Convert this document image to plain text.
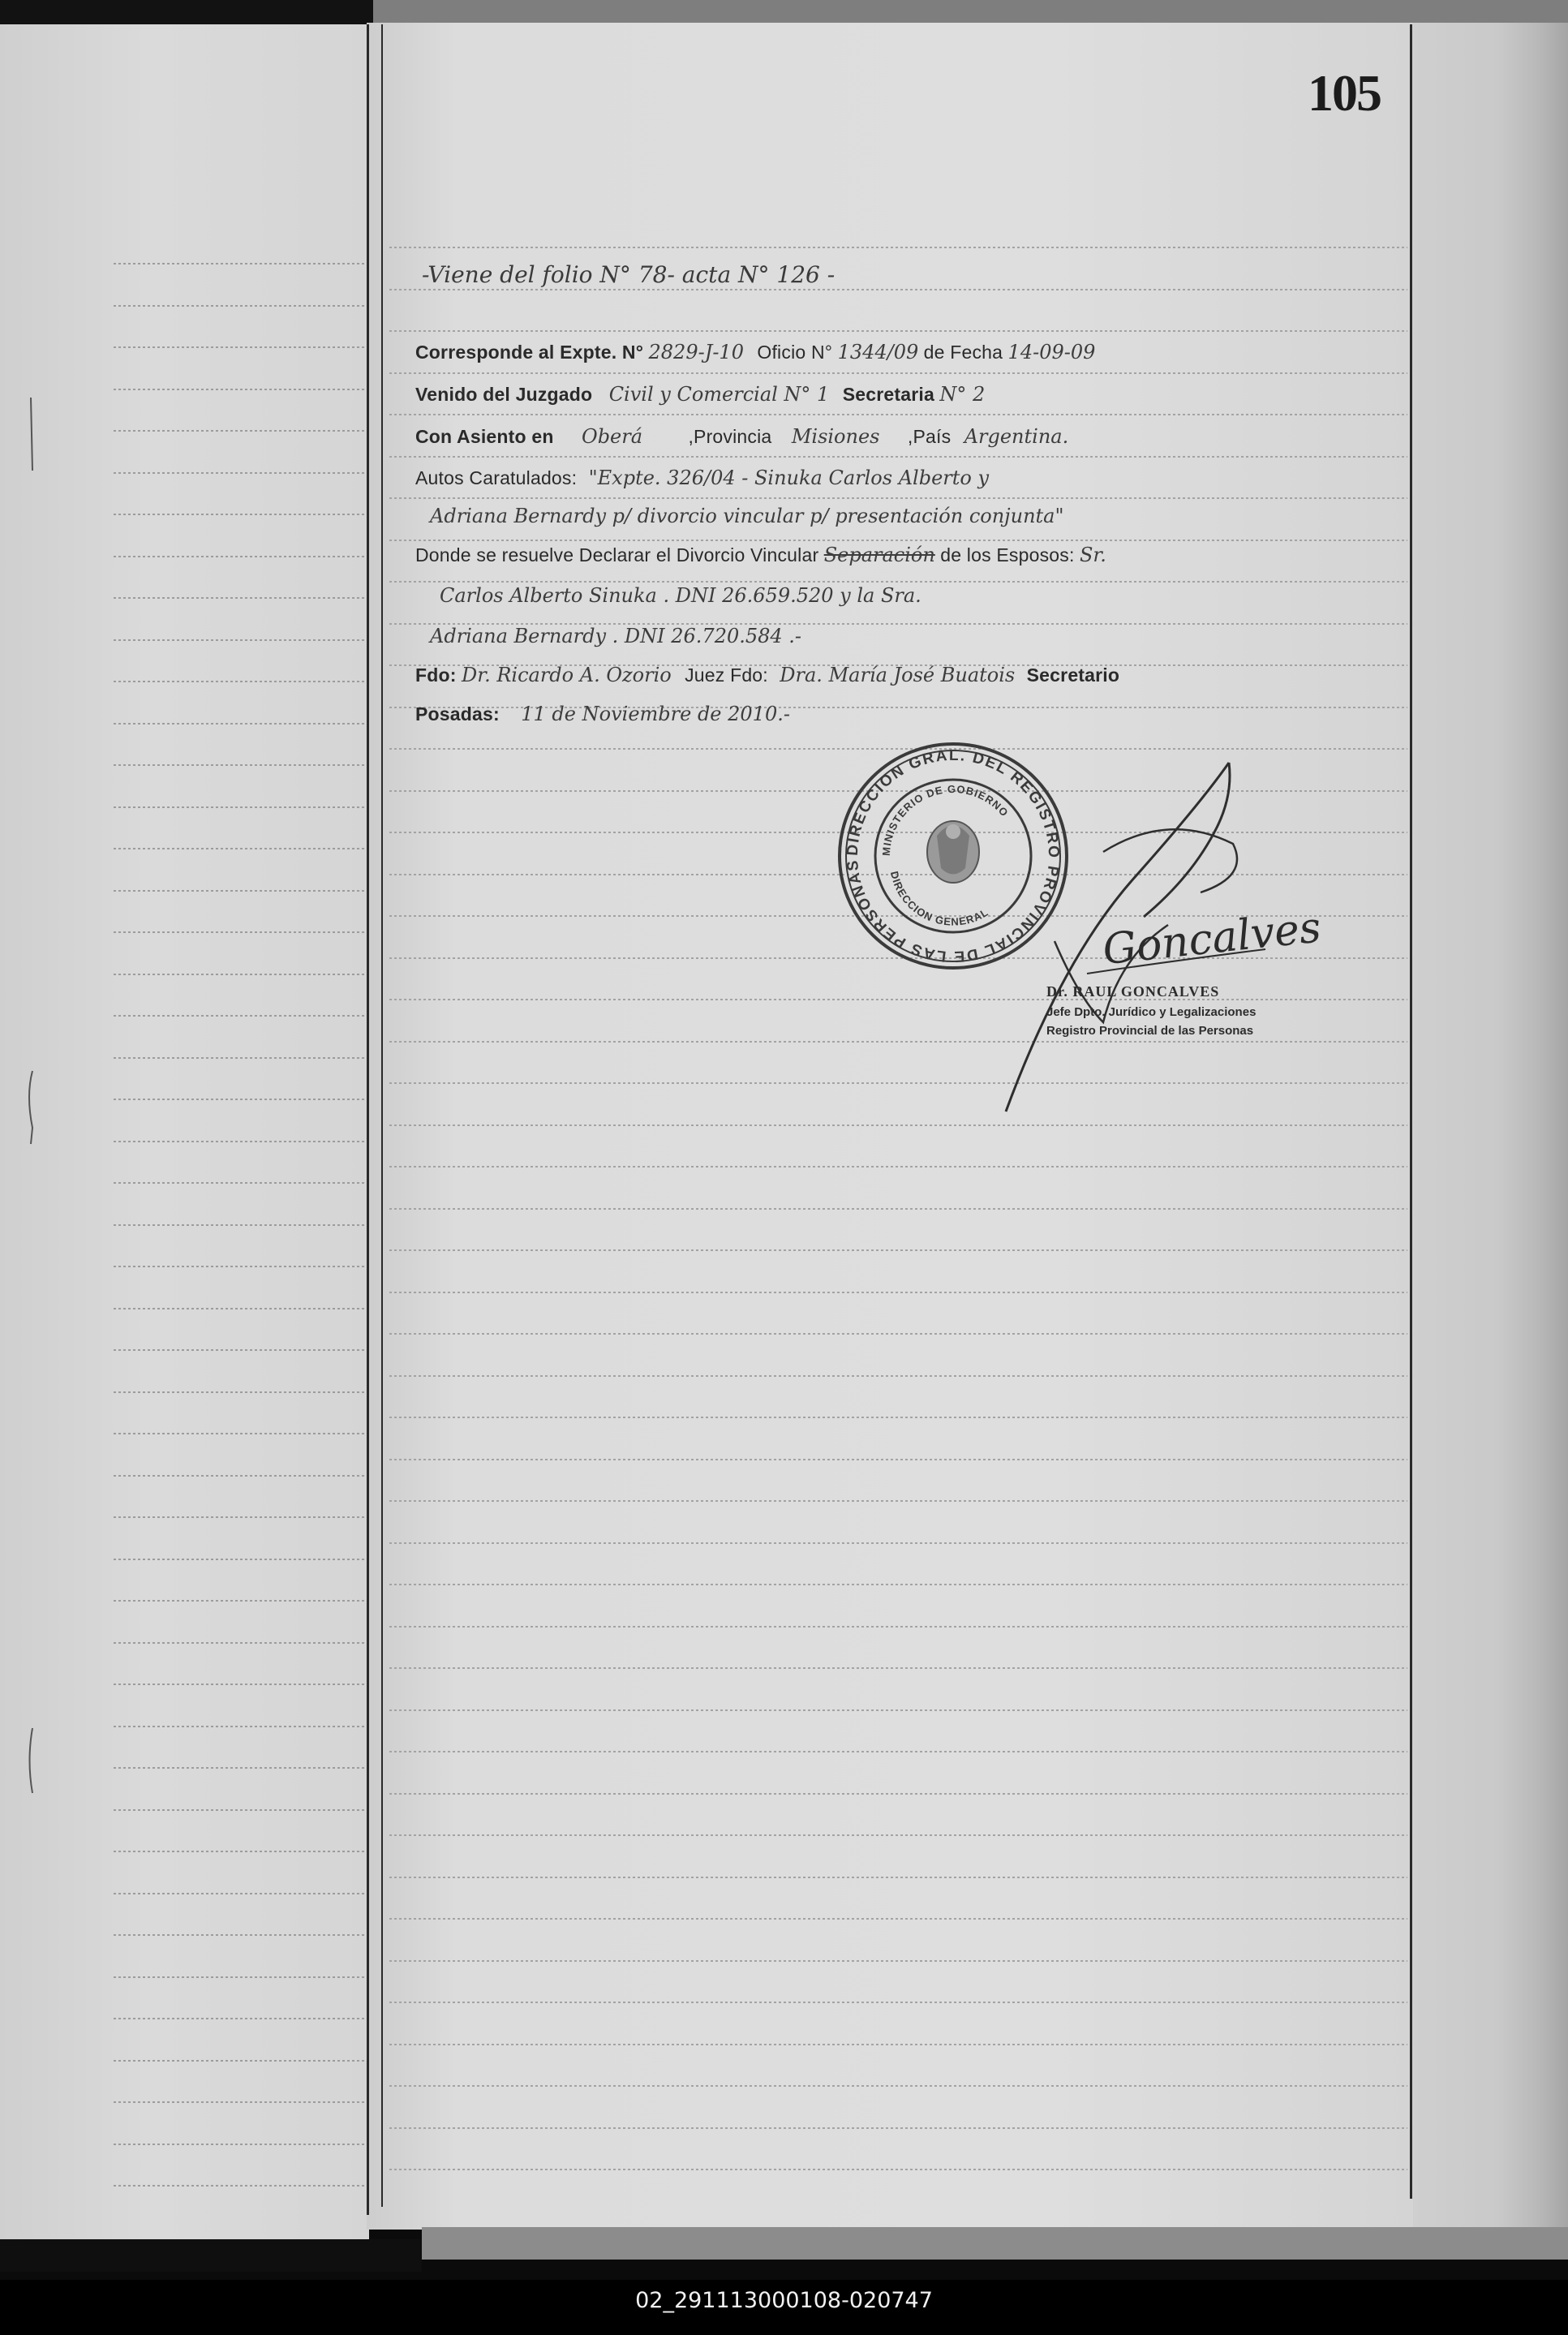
105
-Viene del folio N° 78- acta N° 126 -
Corresponde al Expte. N° 2829-J-10 Oficio N° 1344/09 de Fecha 14-09-09
Venido del Juzgado Civil y Comercial N° 1 Secretaria N° 2
Con Asiento en Oberá ,Provincia Misiones ,País Argentina.
Autos Caratulados: "Expte. 326/04 - Sinuka Carlos Alberto y
Adriana Bernardy p/ divorcio vincular p/ presentación conjunta"
Donde se resuelve Declarar el Divorcio Vincular Separación de los Esposos: Sr.
Carlos Alberto Sinuka . DNI 26.659.520 y la Sra.
Adriana Bernardy . DNI 26.720.584 .-
Fdo: Dr. Ricardo A. Ozorio Juez Fdo: Dra. María José Buatois Secretario
Posadas: 11 de Noviembre de 2010.-
DIRECCION GRAL. DEL REGISTRO PROVINCIAL DE LAS PERSONAS
MINISTERIO DE GOBIERNO
DIRECCION GENERAL	Goncalves
Dr. RAUL GONCALVES
Jefe Dpto. Jurídico y Legalizaciones
Registro Provincial de las Personas
02_291113000108-020747
